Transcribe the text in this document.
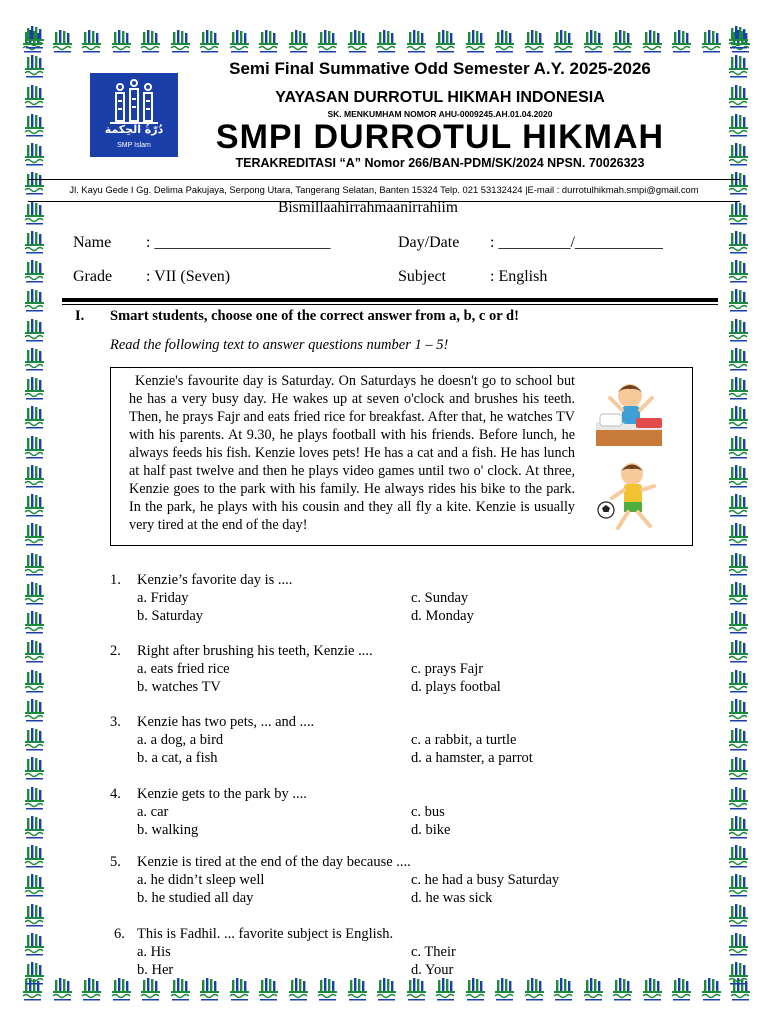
دُرّةُ الحِكمة
SMP Islam
Semi Final Summative Odd Semester A.Y. 2025-2026
YAYASAN DURROTUL HIKMAH INDONESIA
SK. MENKUMHAM NOMOR AHU-0009245.AH.01.04.2020
SMPI DURROTUL HIKMAH
TERAKREDITASI “A” Nomor 266/BAN-PDM/SK/2024 NPSN. 70026323
Jl. Kayu Gede I Gg. Delima Pakujaya, Serpong Utara, Tangerang Selatan, Banten 15324 Telp. 021 53132424 |E-mail : durrotulhikmah.smpi@gmail.com
Bismillaahirrahmaanirrahiim
Name : ______________________	Day/Date : _________/___________
Grade : VII (Seven)	Subject	: English
I. Smart students, choose one of the correct answer from a, b, c or d!
Read the following text to answer questions number 1 – 5!
Kenzie's favourite day is Saturday. On Saturdays he doesn't go to school but he has a very busy day. He wakes up at seven o'clock and brushes his teeth. Then, he prays Fajr and eats fried rice for breakfast. After that, he watches TV with his parents. At 9.30, he plays football with his friends. Before lunch, he always feeds his fish. Kenzie loves pets! He has a cat and a fish. He has lunch at half past twelve and then he plays video games until two o' clock. At three, Kenzie goes to the park with his family. He always rides his bike to the park. In the park, he plays with his cousin and they all fly a kite. Kenzie is usually very tired at the end of the day!
1. Kenzie’s favorite day is ....
a. Friday
b. Saturday
c. Sunday
d. Monday
2. Right after brushing his teeth, Kenzie ....
a. eats fried rice
b. watches TV
c. prays Fajr
d. plays footbal
3. Kenzie has two pets, ... and ....
a. a dog, a bird
b. a cat, a fish
c. a rabbit, a turtle
d. a hamster, a parrot
4. Kenzie gets to the park by ....
a. car
b. walking
c. bus
d. bike
5. Kenzie is tired at the end of the day because ....
a. he didn’t sleep well
b. he studied all day
c. he had a busy Saturday
d. he was sick
6. This is Fadhil. ... favorite subject is English.
a. His
b. Her
c. Their
d. Your
